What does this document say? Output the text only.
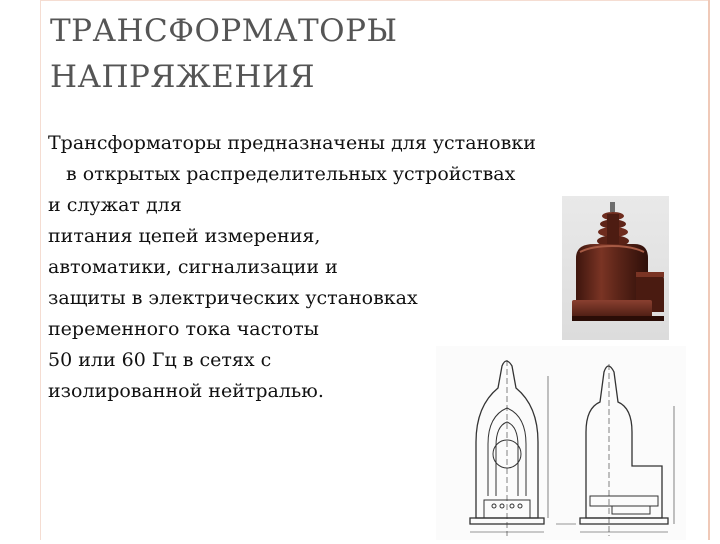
ТРАНСФОРМАТОРЫ
НАПРЯЖЕНИЯ
Трансформаторы предназначены для установки
в открытых распределительных устройствах
и служат для
питания цепей измерения,
автоматики, сигнализации и
защиты в электрических установках
переменного тока частоты
50 или 60 Гц в сетях с
изолированной нейтралью.
